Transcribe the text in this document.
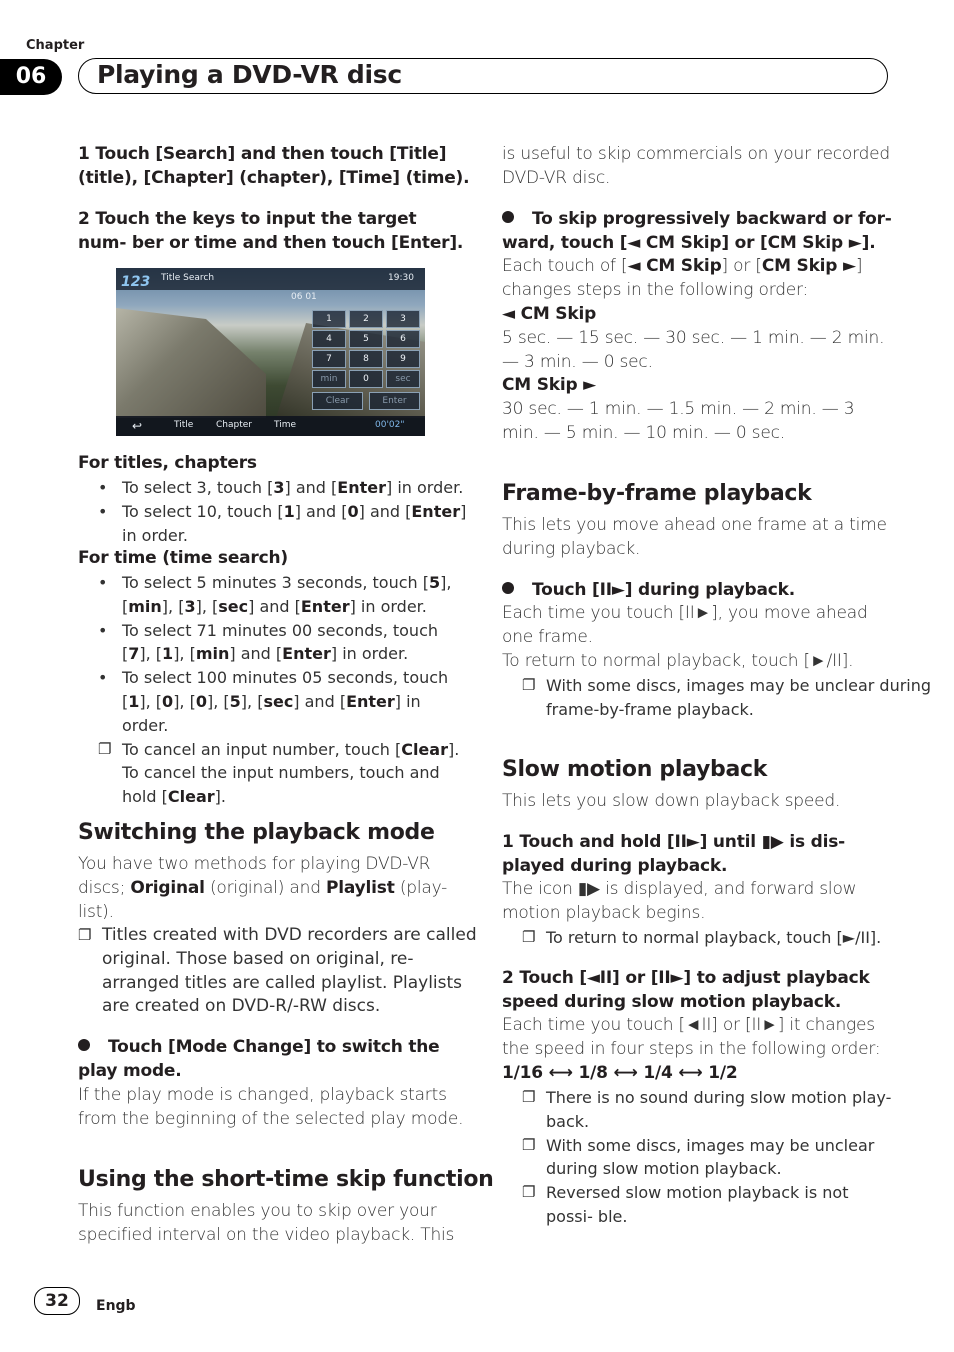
Chapter
06	Playing a DVD-VR disc
1 Touch [Search] and then touch [Title] (title), [Chapter] (chapter), [Time] (time).
2 Touch the keys to input the target num- ber or time and then touch [Enter].
123 Title Search	19:30
06 01
1	2	3
4	5	6
7	8	9
min	0	sec
Clear	Enter
↩	Title	Chapter Time	00'02"
For titles, chapters
• To select 3, touch [3] and [Enter] in order.
• To select 10, touch [1] and [0] and [Enter] in order.
For time (time search)
• To select 5 minutes 3 seconds, touch [5], [min], [3], [sec] and [Enter] in order.
• To select 71 minutes 00 seconds, touch [7], [1], [min] and [Enter] in order.
• To select 100 minutes 05 seconds, touch [1], [0], [0], [5], [sec] and [Enter] in order.
❐ To cancel an input number, touch [Clear]. To cancel the input numbers, touch and hold [Clear].
Switching the playback mode
You have two methods for playing DVD-VR discs; Original (original) and Playlist (play- list).
❐ Titles created with DVD recorders are called original. Those based on original, re- arranged titles are called playlist. Playlists are created on DVD-R/-RW discs.
Touch [Mode Change] to switch the play mode.
If the play mode is changed, playback starts from the beginning of the selected play mode.
Using the short-time skip function
This function enables you to skip over your specified interval on the video playback. This
is useful to skip commercials on your recorded DVD-VR disc.
To skip progressively backward or for- ward, touch [◄ CM Skip] or [CM Skip ►].
Each touch of [◄ CM Skip] or [CM Skip ►] changes steps in the following order:
◄ CM Skip
5 sec. — 15 sec. — 30 sec. — 1 min. — 2 min. — 3 min. — 0 sec.
CM Skip ►
30 sec. — 1 min. — 1.5 min. — 2 min. — 3 min. — 5 min. — 10 min. — 0 sec.
Frame-by-frame playback
This lets you move ahead one frame at a time during playback.
Touch [II►] during playback.
Each time you touch [II►], you move ahead one frame.
To return to normal playback, touch [►/II].
❐ With some discs, images may be unclear during frame-by-frame playback.
Slow motion playback
This lets you slow down playback speed.
1 Touch and hold [II►] until ▮▶ is dis- played during playback.
The icon ▮▶ is displayed, and forward slow motion playback begins.
❐ To return to normal playback, touch [►/II].
2 Touch [◄II] or [II►] to adjust playback speed during slow motion playback.
Each time you touch [◄II] or [II►] it changes the speed in four steps in the following order:
1/16 ⟷ 1/8 ⟷ 1/4 ⟷ 1/2
❐ There is no sound during slow motion play- back.
❐ With some discs, images may be unclear during slow motion playback.
❐ Reversed slow motion playback is not possi- ble.
32	Engb
